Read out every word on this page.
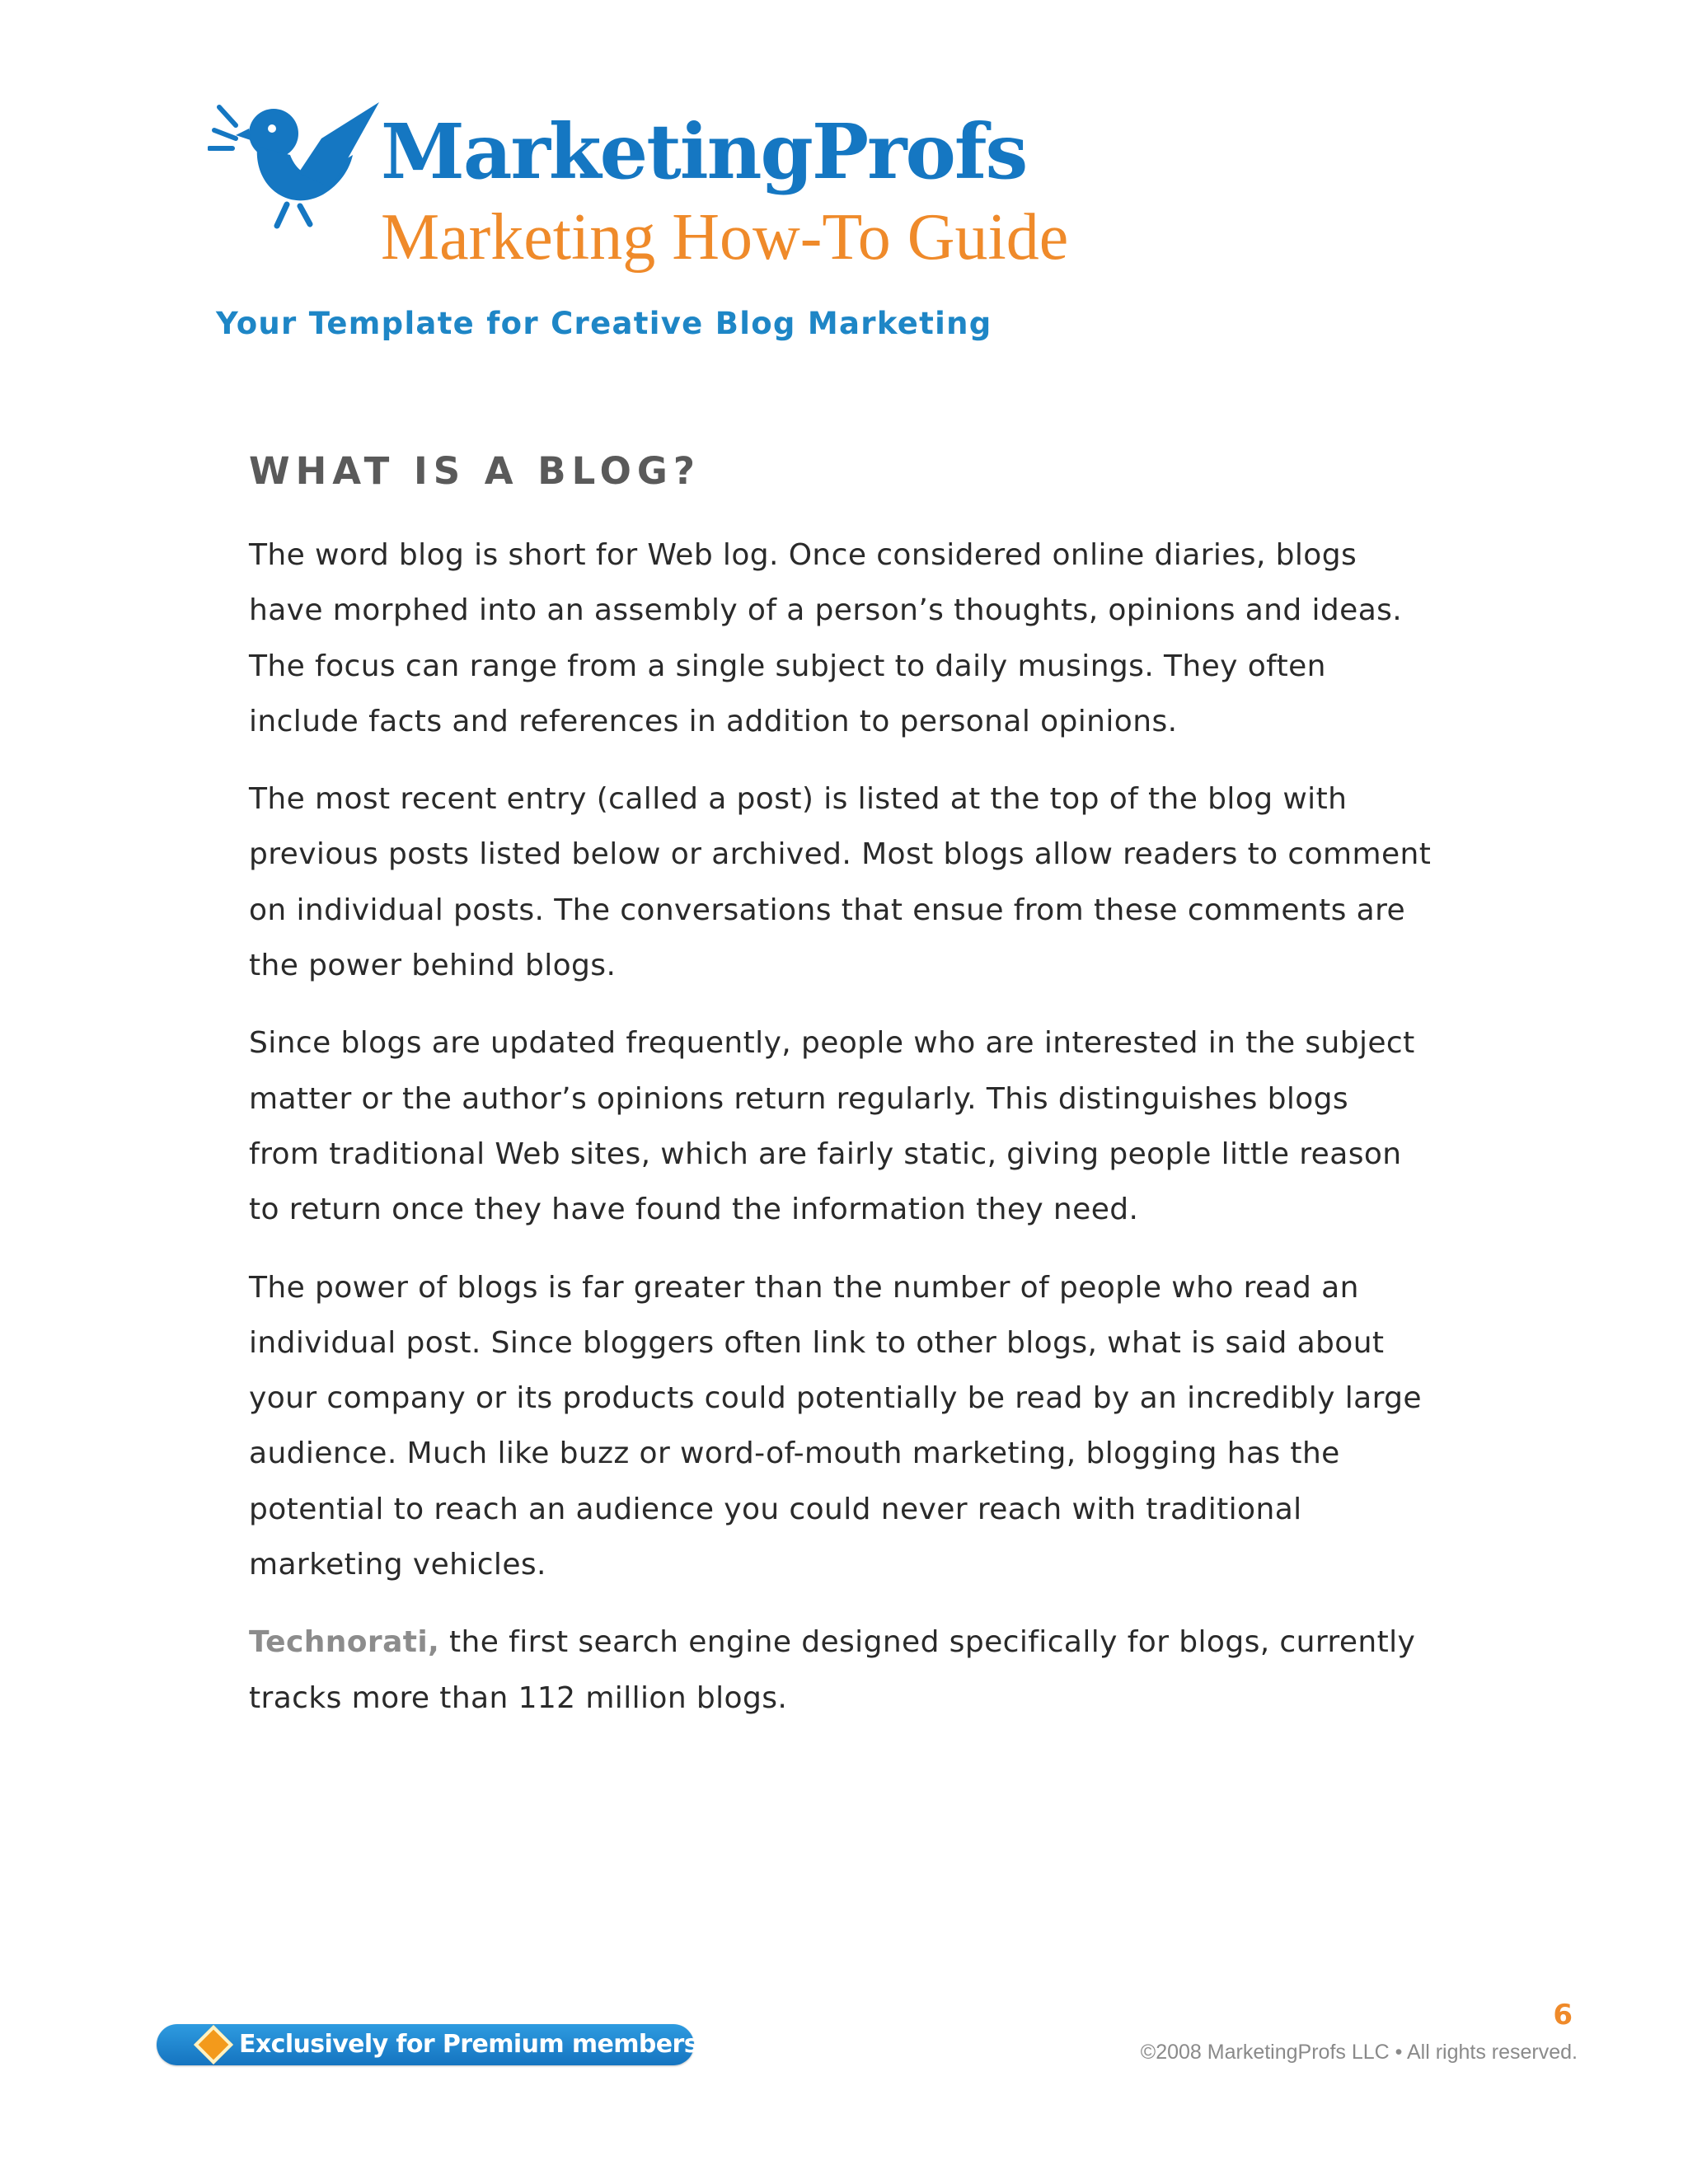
MarketingProfs
Marketing How-To Guide
Your Template for Creative Blog Marketing
WHAT IS A BLOG?

The word blog is short for Web log. Once considered online diaries, blogs
have morphed into an assembly of a person’s thoughts, opinions and ideas.
The focus can range from a single subject to daily musings. They often
include facts and references in addition to personal opinions.

The most recent entry (called a post) is listed at the top of the blog with
previous posts listed below or archived. Most blogs allow readers to comment
on individual posts. The conversations that ensue from these comments are
the power behind blogs.

Since blogs are updated frequently, people who are interested in the subject
matter or the author’s opinions return regularly. This distinguishes blogs
from traditional Web sites, which are fairly static, giving people little reason
to return once they have found the information they need.

The power of blogs is far greater than the number of people who read an
individual post. Since bloggers often link to other blogs, what is said about
your company or its products could potentially be read by an incredibly large
audience. Much like buzz or word-of-mouth marketing, blogging has the
potential to reach an audience you could never reach with traditional
marketing vehicles.

Technorati, the first search engine designed specifically for blogs, currently
tracks more than 112 million blogs.

Exclusively for Premium members
6
©2008 MarketingProfs LLC • All rights reserved.
